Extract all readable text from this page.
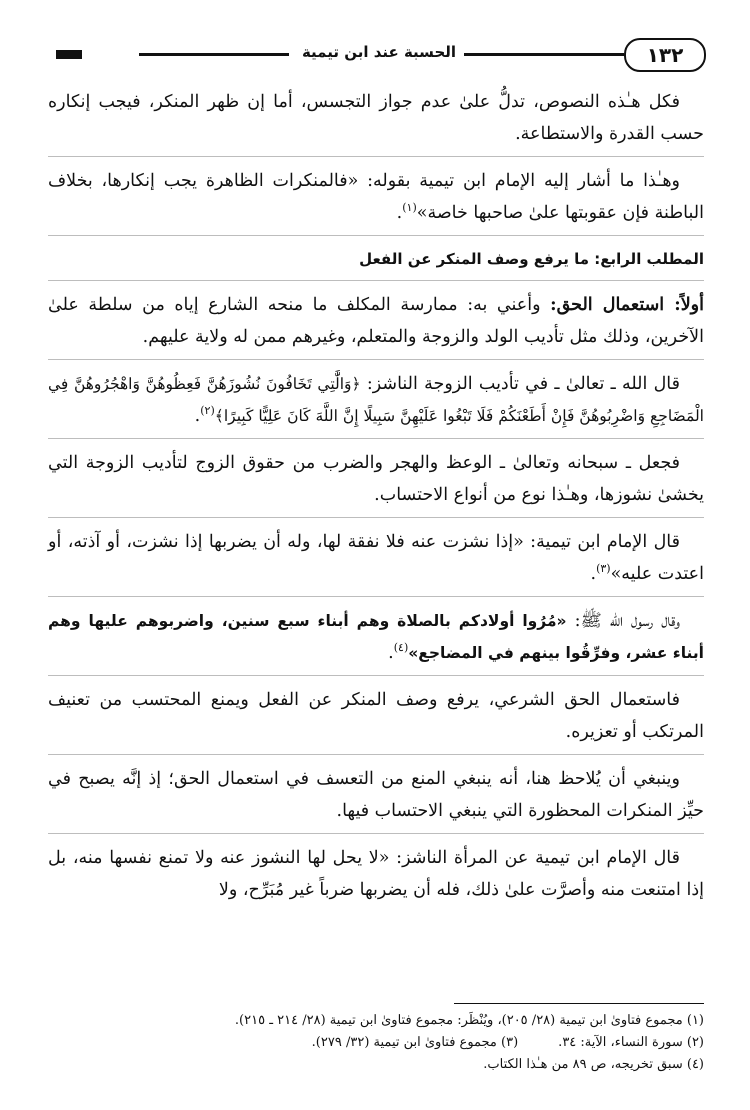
١٣٢
الحسبة عند ابن تيمية

فكل هـٰذه النصوص، تدلُّ علىٰ عدم جواز التجسس، أما إن ظهر المنكر، فيجب إنكاره حسب القدرة والاستطاعة.

وهـٰذا ما أشار إليه الإمام ابن تيمية بقوله: «فالمنكرات الظاهرة يجب إنكارها، بخلاف الباطنة فإن عقوبتها علىٰ صاحبها خاصة»$^{(١)}$.

المطلب الرابع: ما يرفع وصف المنكر عن الفعل

أولاً: استعمال الحق: وأعني به: ممارسة المكلف ما منحه الشارع إياه من سلطة علىٰ الآخرين، وذلك مثل تأديب الولد والزوجة والمتعلم، وغيرهم ممن له ولاية عليهم.

قال الله ـ تعالىٰ ـ في تأديب الزوجة الناشز: ﴿وَالَّٰتِي تَخَافُونَ نُشُوزَهُنَّ فَعِظُوهُنَّ وَاهْجُرُوهُنَّ فِي الْمَضَاجِعِ وَاضْرِبُوهُنَّ فَإِنْ أَطَعْنَكُمْ فَلَا تَبْغُوا عَلَيْهِنَّ سَبِيلًا إِنَّ اللَّهَ كَانَ عَلِيًّا كَبِيرًا﴾$^{(٢)}$.

فجعل ـ سبحانه وتعالىٰ ـ الوعظ والهجر والضرب من حقوق الزوج لتأديب الزوجة التي يخشىٰ نشوزها، وهـٰذا نوع من أنواع الاحتساب.

قال الإمام ابن تيمية: «إذا نشزت عنه فلا نفقة لها، وله أن يضربها إذا نشزت، أو آذته، أو اعتدت عليه»$^{(٣)}$.

وقال رسول الله ﷺ: «مُرُوا أولادكم بالصلاة وهم أبناء سبع سنين، واضربوهم عليها وهم أبناء عشر، وفرِّقُوا بينهم في المضاجع»$^{(٤)}$.

فاستعمال الحق الشرعي، يرفع وصف المنكر عن الفعل ويمنع المحتسب من تعنيف المرتكب أو تعزيره.

وينبغي أن يُلاحظ هنا، أنه ينبغي المنع من التعسف في استعمال الحق؛ إذ إنَّه يصبح في حيِّز المنكرات المحظورة التي ينبغي الاحتساب فيها.

قال الإمام ابن تيمية عن المرأة الناشز: «لا يحل لها النشوز عنه ولا تمنع نفسها منه، بل إذا امتنعت منه وأصرَّت علىٰ ذلك، فله أن يضربها ضرباً غير مُبَرِّح، ولا

(١) مجموع فتاوىٰ ابن تيمية (٢٨/ ٢٠٥)، ويُنْظَر: مجموع فتاوىٰ ابن تيمية (٢٨/ ٢١٤ ـ ٢١٥).
(٢) سورة النساء، الآية: ٣٤.
(٣) مجموع فتاوىٰ ابن تيمية (٣٢/ ٢٧٩).
(٤) سبق تخريجه، ص ٨٩ من هـٰذا الكتاب.
